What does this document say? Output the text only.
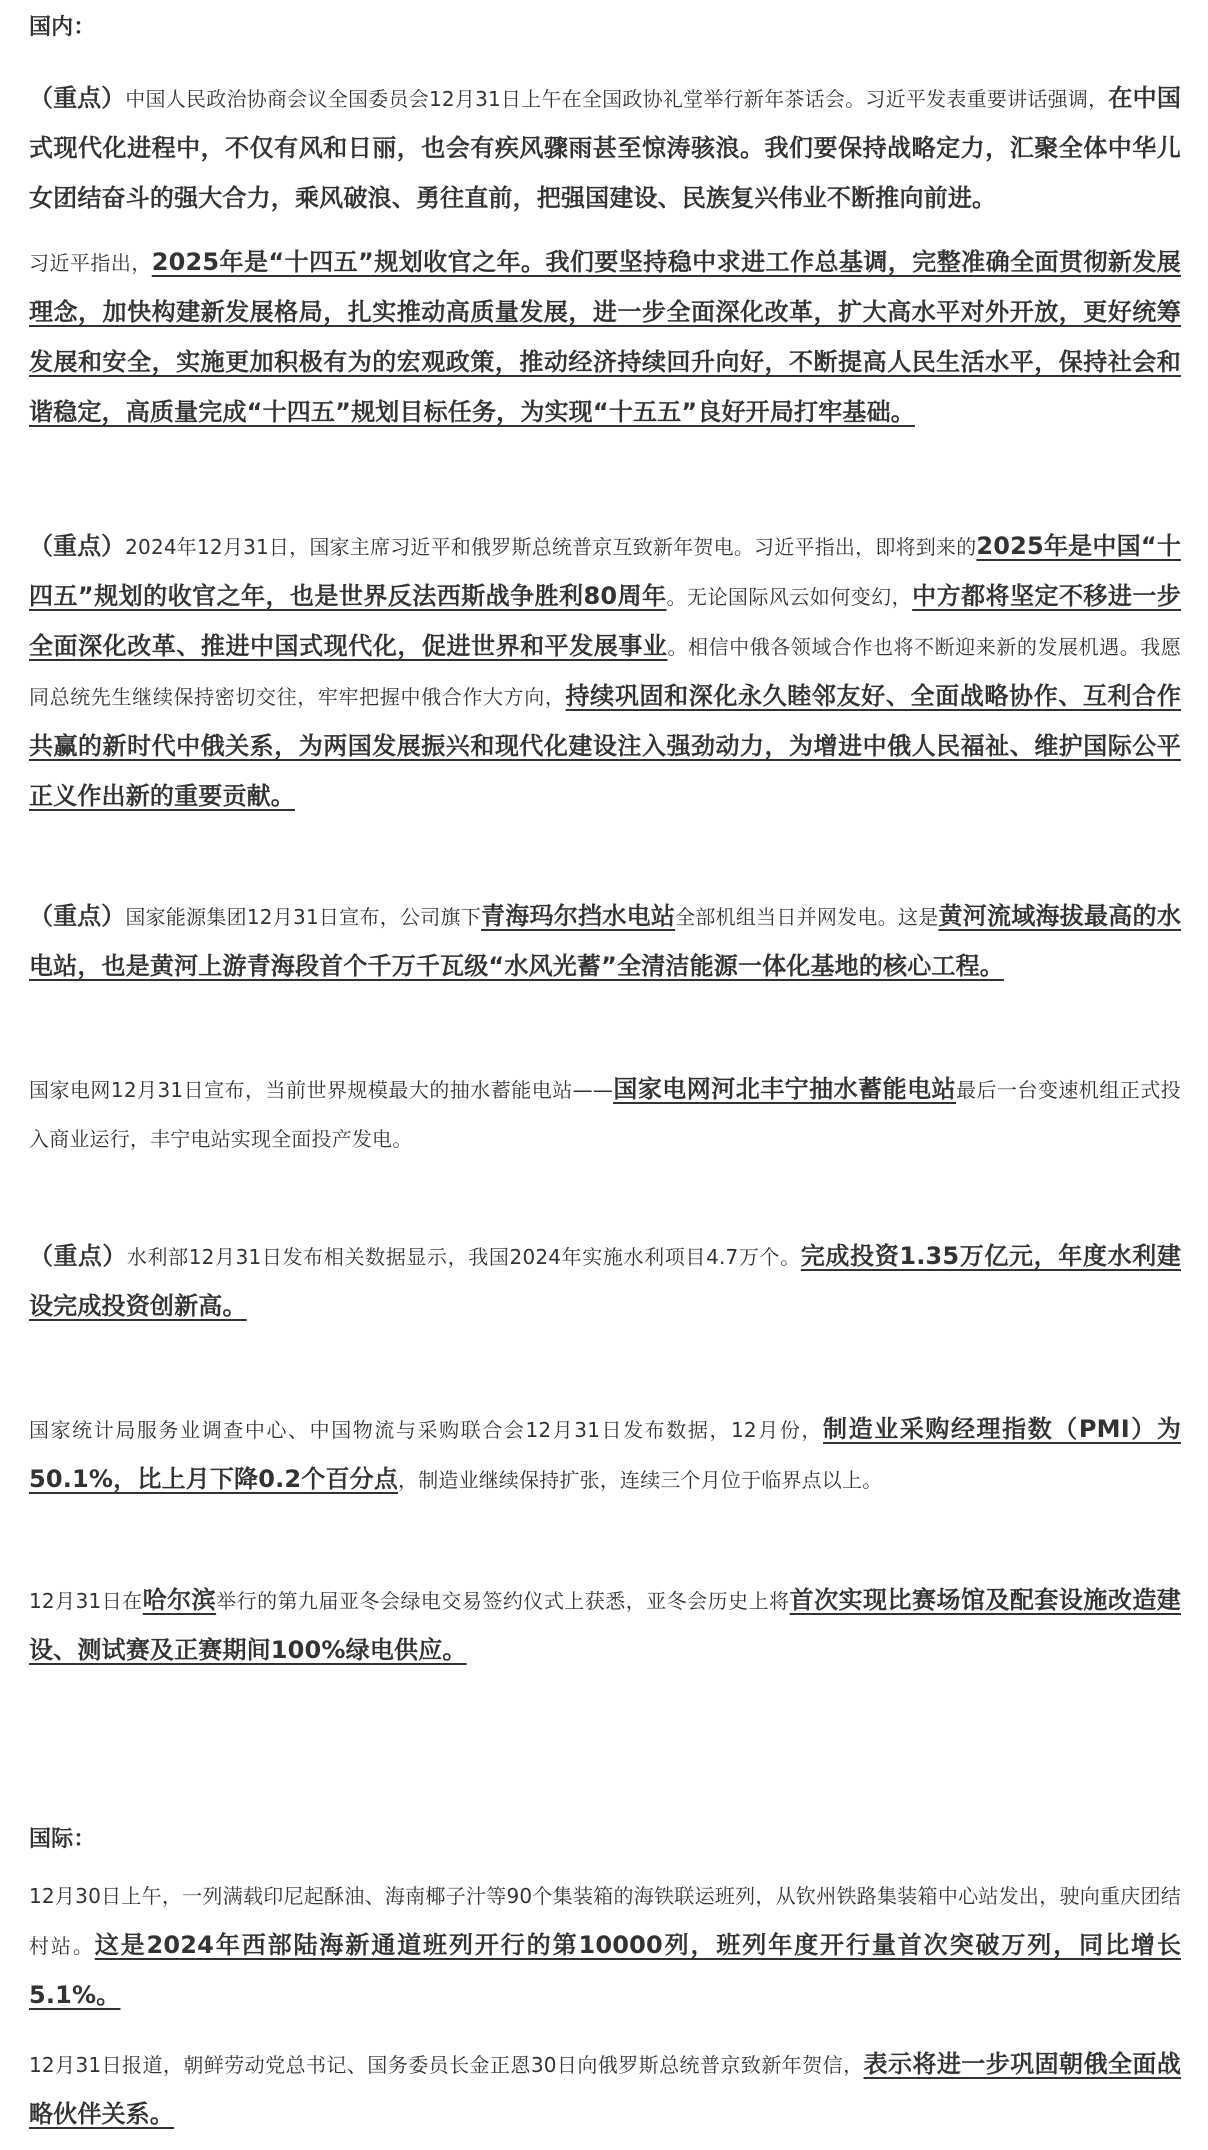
国内：

（重点）中国人民政治协商会议全国委员会12月31日上午在全国政协礼堂举行新年茶话会。习近平发表重要讲话强调，在中国式现代化进程中，不仅有风和日丽，也会有疾风骤雨甚至惊涛骇浪。我们要保持战略定力，汇聚全体中华儿女团结奋斗的强大合力，乘风破浪、勇往直前，把强国建设、民族复兴伟业不断推向前进。

习近平指出，2025年是“十四五”规划收官之年。我们要坚持稳中求进工作总基调，完整准确全面贯彻新发展理念，加快构建新发展格局，扎实推动高质量发展，进一步全面深化改革，扩大高水平对外开放，更好统筹发展和安全，实施更加积极有为的宏观政策，推动经济持续回升向好，不断提高人民生活水平，保持社会和谐稳定，高质量完成“十四五”规划目标任务，为实现“十五五”良好开局打牢基础。

（重点）2024年12月31日，国家主席习近平和俄罗斯总统普京互致新年贺电。习近平指出，即将到来的2025年是中国“十四五”规划的收官之年，也是世界反法西斯战争胜利80周年。无论国际风云如何变幻，中方都将坚定不移进一步全面深化改革、推进中国式现代化，促进世界和平发展事业。相信中俄各领域合作也将不断迎来新的发展机遇。我愿同总统先生继续保持密切交往，牢牢把握中俄合作大方向，持续巩固和深化永久睦邻友好、全面战略协作、互利合作共赢的新时代中俄关系，为两国发展振兴和现代化建设注入强劲动力，为增进中俄人民福祉、维护国际公平正义作出新的重要贡献。

（重点）国家能源集团12月31日宣布，公司旗下青海玛尔挡水电站全部机组当日并网发电。这是黄河流域海拔最高的水电站，也是黄河上游青海段首个千万千瓦级“水风光蓄”全清洁能源一体化基地的核心工程。

国家电网12月31日宣布，当前世界规模最大的抽水蓄能电站——国家电网河北丰宁抽水蓄能电站最后一台变速机组正式投入商业运行，丰宁电站实现全面投产发电。

（重点）水利部12月31日发布相关数据显示，我国2024年实施水利项目4.7万个。完成投资1.35万亿元，年度水利建设完成投资创新高。

国家统计局服务业调查中心、中国物流与采购联合会12月31日发布数据，12月份，制造业采购经理指数（PMI）为50.1%，比上月下降0.2个百分点，制造业继续保持扩张，连续三个月位于临界点以上。

12月31日在哈尔滨举行的第九届亚冬会绿电交易签约仪式上获悉，亚冬会历史上将首次实现比赛场馆及配套设施改造建设、测试赛及正赛期间100%绿电供应。

国际：

12月30日上午，一列满载印尼起酥油、海南椰子汁等90个集装箱的海铁联运班列，从钦州铁路集装箱中心站发出，驶向重庆团结村站。这是2024年西部陆海新通道班列开行的第10000列，班列年度开行量首次突破万列，同比增长5.1%。

12月31日报道，朝鲜劳动党总书记、国务委员长金正恩30日向俄罗斯总统普京致新年贺信，表示将进一步巩固朝俄全面战略伙伴关系。
